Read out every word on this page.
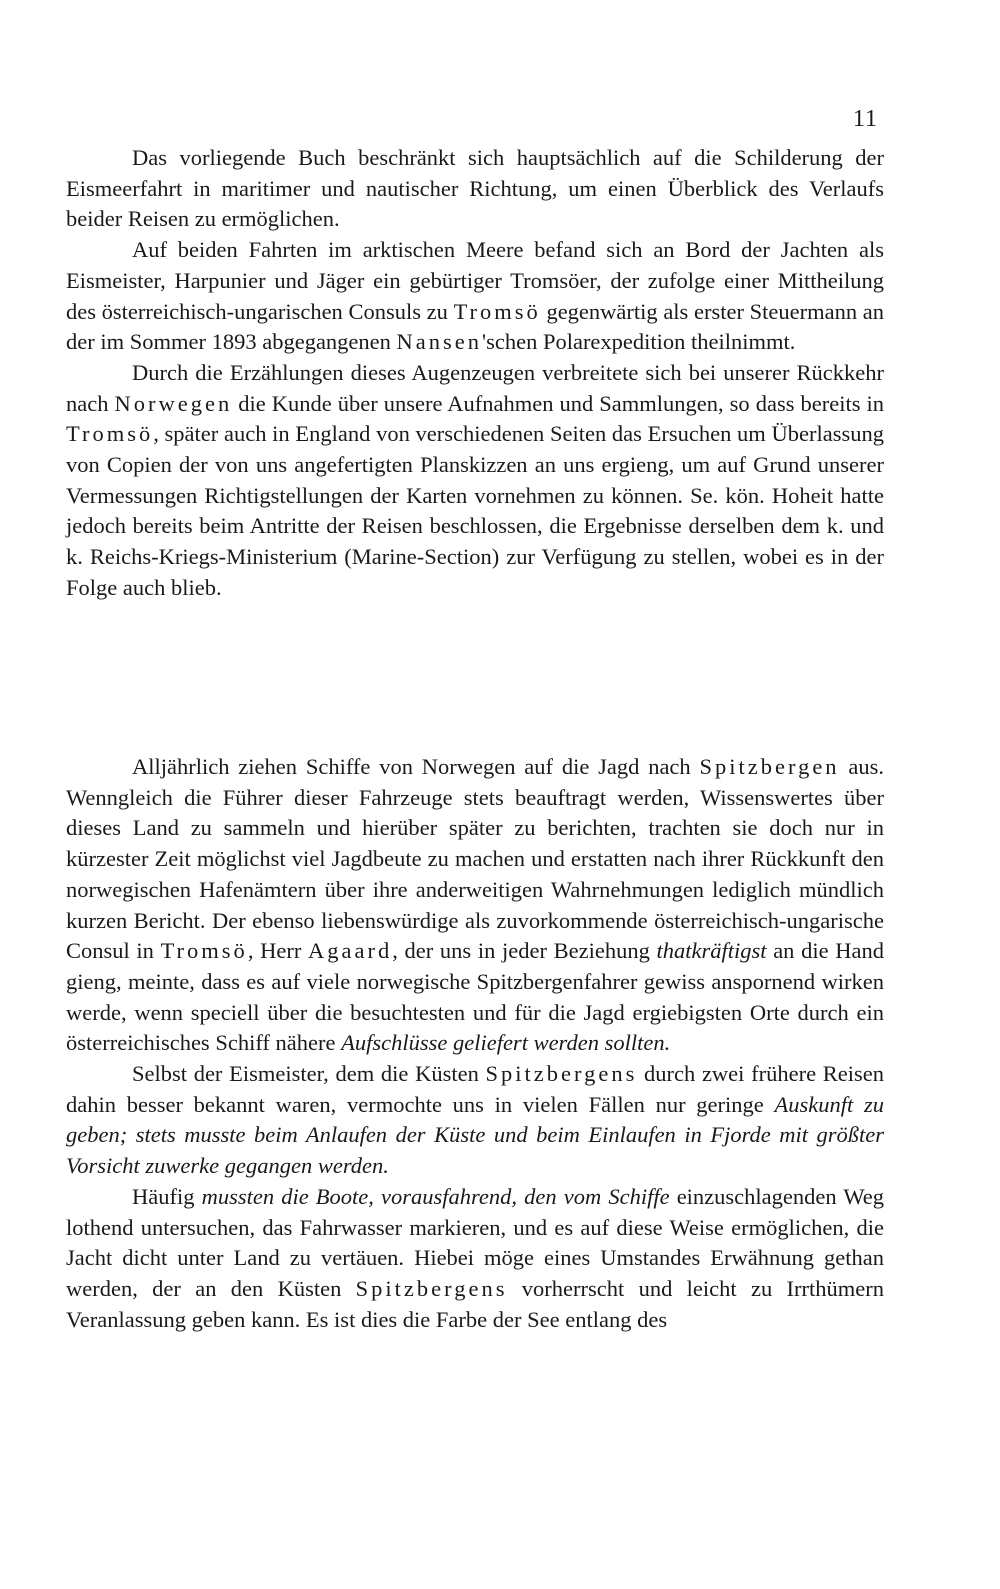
11

Das vorliegende Buch beschränkt sich hauptsächlich auf die Schilderung der Eismeerfahrt in maritimer und nautischer Richtung, um einen Überblick des Verlaufs beider Reisen zu ermöglichen.

Auf beiden Fahrten im arktischen Meere befand sich an Bord der Jachten als Eismeister, Harpunier und Jäger ein gebürtiger Tromsöer, der zufolge einer Mittheilung des österreichisch-ungarischen Consuls zu Tromsö gegenwärtig als erster Steuermann an der im Sommer 1893 abgegangenen Nansen'schen Polarexpedition theilnimmt.

Durch die Erzählungen dieses Augenzeugen verbreitete sich bei unserer Rückkehr nach Norwegen die Kunde über unsere Aufnahmen und Sammlungen, so dass bereits in Tromsö, später auch in England von verschiedenen Seiten das Ersuchen um Überlassung von Copien der von uns angefertigten Planskizzen an uns ergieng, um auf Grund unserer Vermessungen Richtigstellungen der Karten vornehmen zu können. Se. kön. Hoheit hatte jedoch bereits beim Antritte der Reisen beschlossen, die Ergebnisse derselben dem k. und k. Reichs-Kriegs-Ministerium (Marine-Section) zur Verfügung zu stellen, wobei es in der Folge auch blieb.

Alljährlich ziehen Schiffe von Norwegen auf die Jagd nach Spitzbergen aus. Wenngleich die Führer dieser Fahrzeuge stets beauftragt werden, Wissenswertes über dieses Land zu sammeln und hierüber später zu berichten, trachten sie doch nur in kürzester Zeit möglichst viel Jagdbeute zu machen und erstatten nach ihrer Rückkunft den norwegischen Hafenämtern über ihre anderweitigen Wahrnehmungen lediglich mündlich kurzen Bericht. Der ebenso liebenswürdige als zuvorkommende österreichisch-ungarische Consul in Tromsö, Herr Agaard, der uns in jeder Beziehung thatkräftigst an die Hand gieng, meinte, dass es auf viele norwegische Spitzbergenfahrer gewiss anspornend wirken werde, wenn speciell über die besuchtesten und für die Jagd ergiebigsten Orte durch ein österreichisches Schiff nähere Aufschlüsse geliefert werden sollten.

Selbst der Eismeister, dem die Küsten Spitzbergens durch zwei frühere Reisen dahin besser bekannt waren, vermochte uns in vielen Fällen nur geringe Auskunft zu geben; stets musste beim Anlaufen der Küste und beim Einlaufen in Fjorde mit größter Vorsicht zuwerke gegangen werden.

Häufig mussten die Boote, vorausfahrend, den vom Schiffe einzuschlagenden Weg lothend untersuchen, das Fahrwasser markieren, und es auf diese Weise ermöglichen, die Jacht dicht unter Land zu vertäuen. Hiebei möge eines Umstandes Erwähnung gethan werden, der an den Küsten Spitzbergens vorherrscht und leicht zu Irrthümern Veranlassung geben kann. Es ist dies die Farbe der See entlang des
